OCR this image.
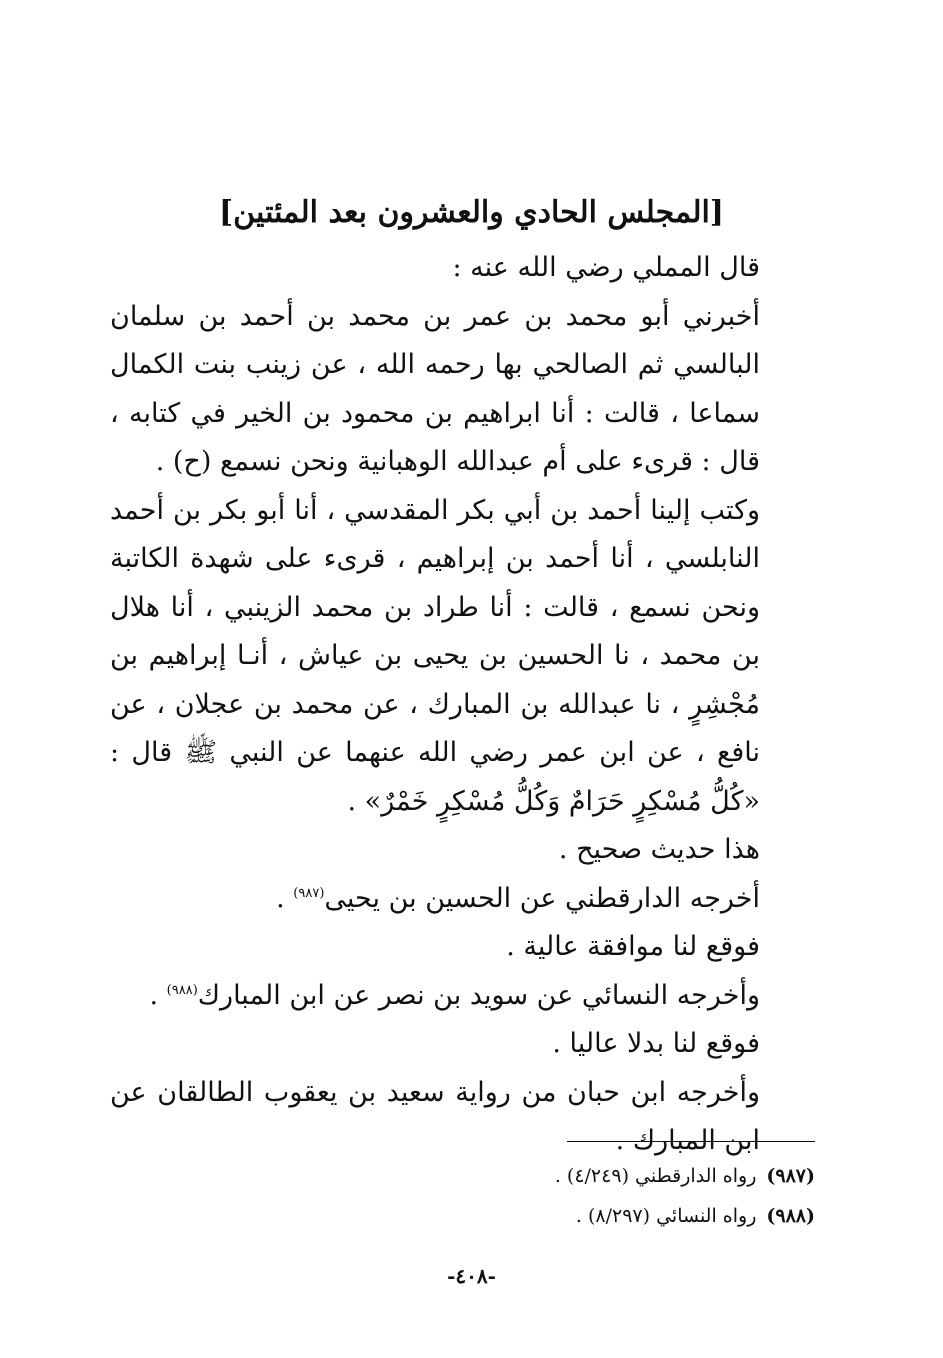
[المجلس الحادي والعشرون بعد المئتين]

قال المملي رضي الله عنه :

أخبرني أبو محمد بن عمر بن محمد بن أحمد بن سلمان البالسي ثم الصالحي بها رحمه الله ، عن زينب بنت الكمال سماعا ، قالت : أنا ابراهيم بن محمود بن الخير في كتابه ، قال : قرىء على أم عبدالله الوهبانية ونحن نسمع (ح) .

وكتب إلينا أحمد بن أبي بكر المقدسي ، أنا أبو بكر بن أحمد النابلسي ، أنا أحمد بن إبراهيم ، قرىء على شهدة الكاتبة ونحن نسمع ، قالت : أنا طراد بن محمد الزينبي ، أنا هلال بن محمد ، نا الحسين بن يحيى بن عياش ، أنـا إبراهيم بن مُجْشِرٍ ، نا عبدالله بن المبارك ، عن محمد بن عجلان ، عن نافع ، عن ابن عمر رضي الله عنهما عن النبي ﷺ قال : «كُلُّ مُسْكِرٍ حَرَامٌ وَكُلُّ مُسْكِرٍ خَمْرٌ» .

هذا حديث صحيح .

أخرجه الدارقطني عن الحسين بن يحيى$^{(٩٨٧)}$ .

فوقع لنا موافقة عالية .

وأخرجه النسائي عن سويد بن نصر عن ابن المبارك$^{(٩٨٨)}$ .

فوقع لنا بدلا عاليا .

وأخرجه ابن حبان من رواية سعيد بن يعقوب الطالقان عن ابن المبارك .

(٩٨٧)رواه الدارقطني (٤/٢٤٩) .
(٩٨٨)رواه النسائي (٨/٢٩٧) .
-٤٠٨-
